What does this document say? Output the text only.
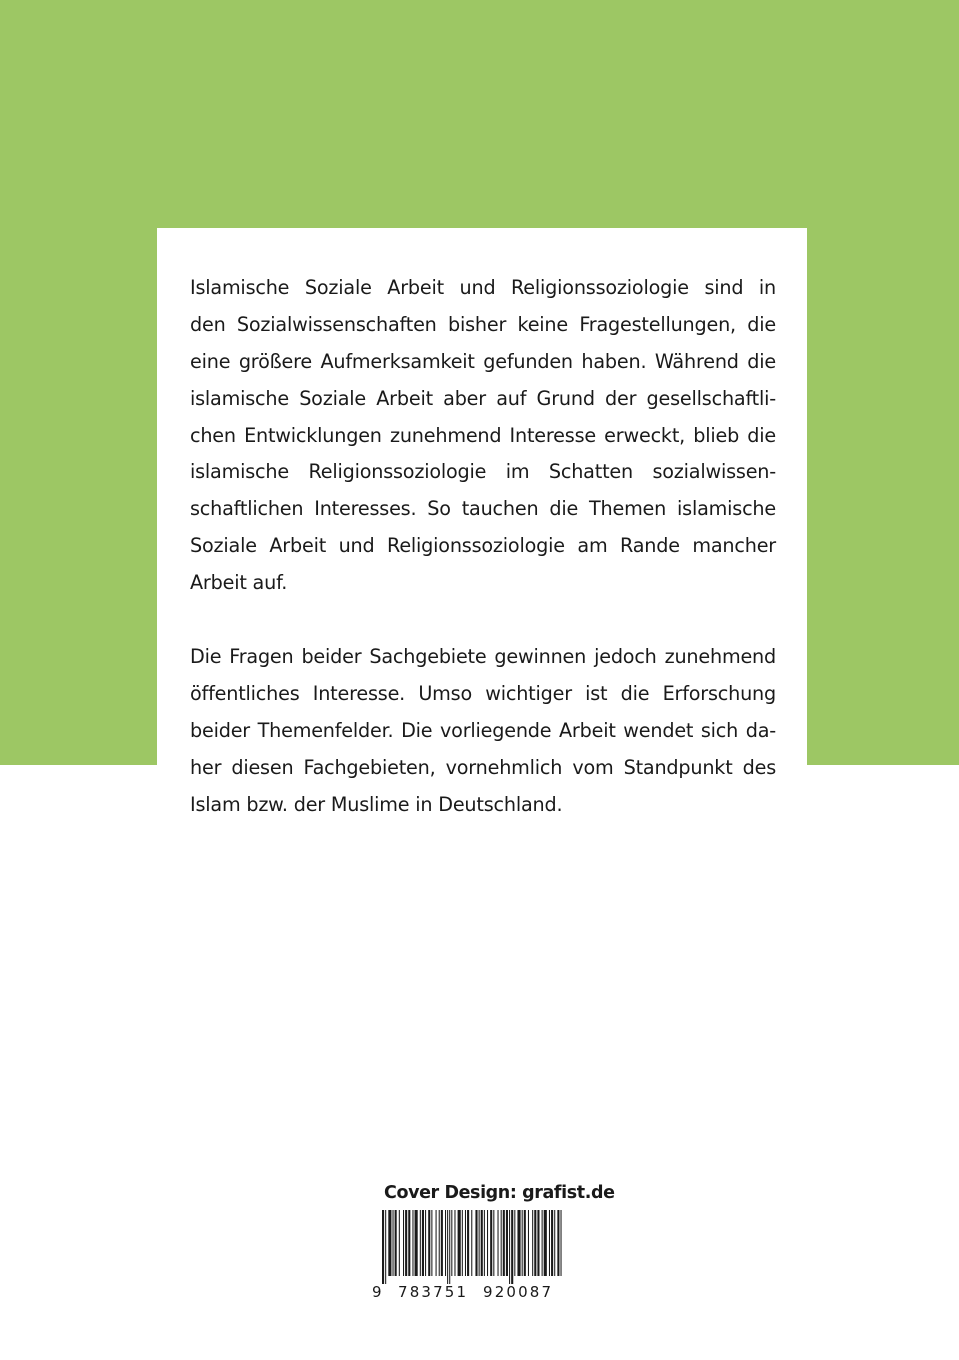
Islamische Soziale Arbeit und Religionssoziologie sind in
den Sozialwissenschaften bisher keine Fragestellungen, die
eine größere Aufmerksamkeit gefunden haben. Während die
islamische Soziale Arbeit aber auf Grund der gesellschaftli-
chen Entwicklungen zunehmend Interesse erweckt, blieb die
islamische Religionssoziologie im Schatten sozialwissen-
schaftlichen Interesses. So tauchen die Themen islamische
Soziale Arbeit und Religionssoziologie am Rande mancher
Arbeit auf.
Die Fragen beider Sachgebiete gewinnen jedoch zunehmend
öffentliches Interesse. Umso wichtiger ist die Erforschung
beider Themenfelder. Die vorliegende Arbeit wendet sich da-
her diesen Fachgebieten, vornehmlich vom Standpunkt des
Islam bzw. der Muslime in Deutschland.
Cover Design: grafist.de
9 783751 920087
